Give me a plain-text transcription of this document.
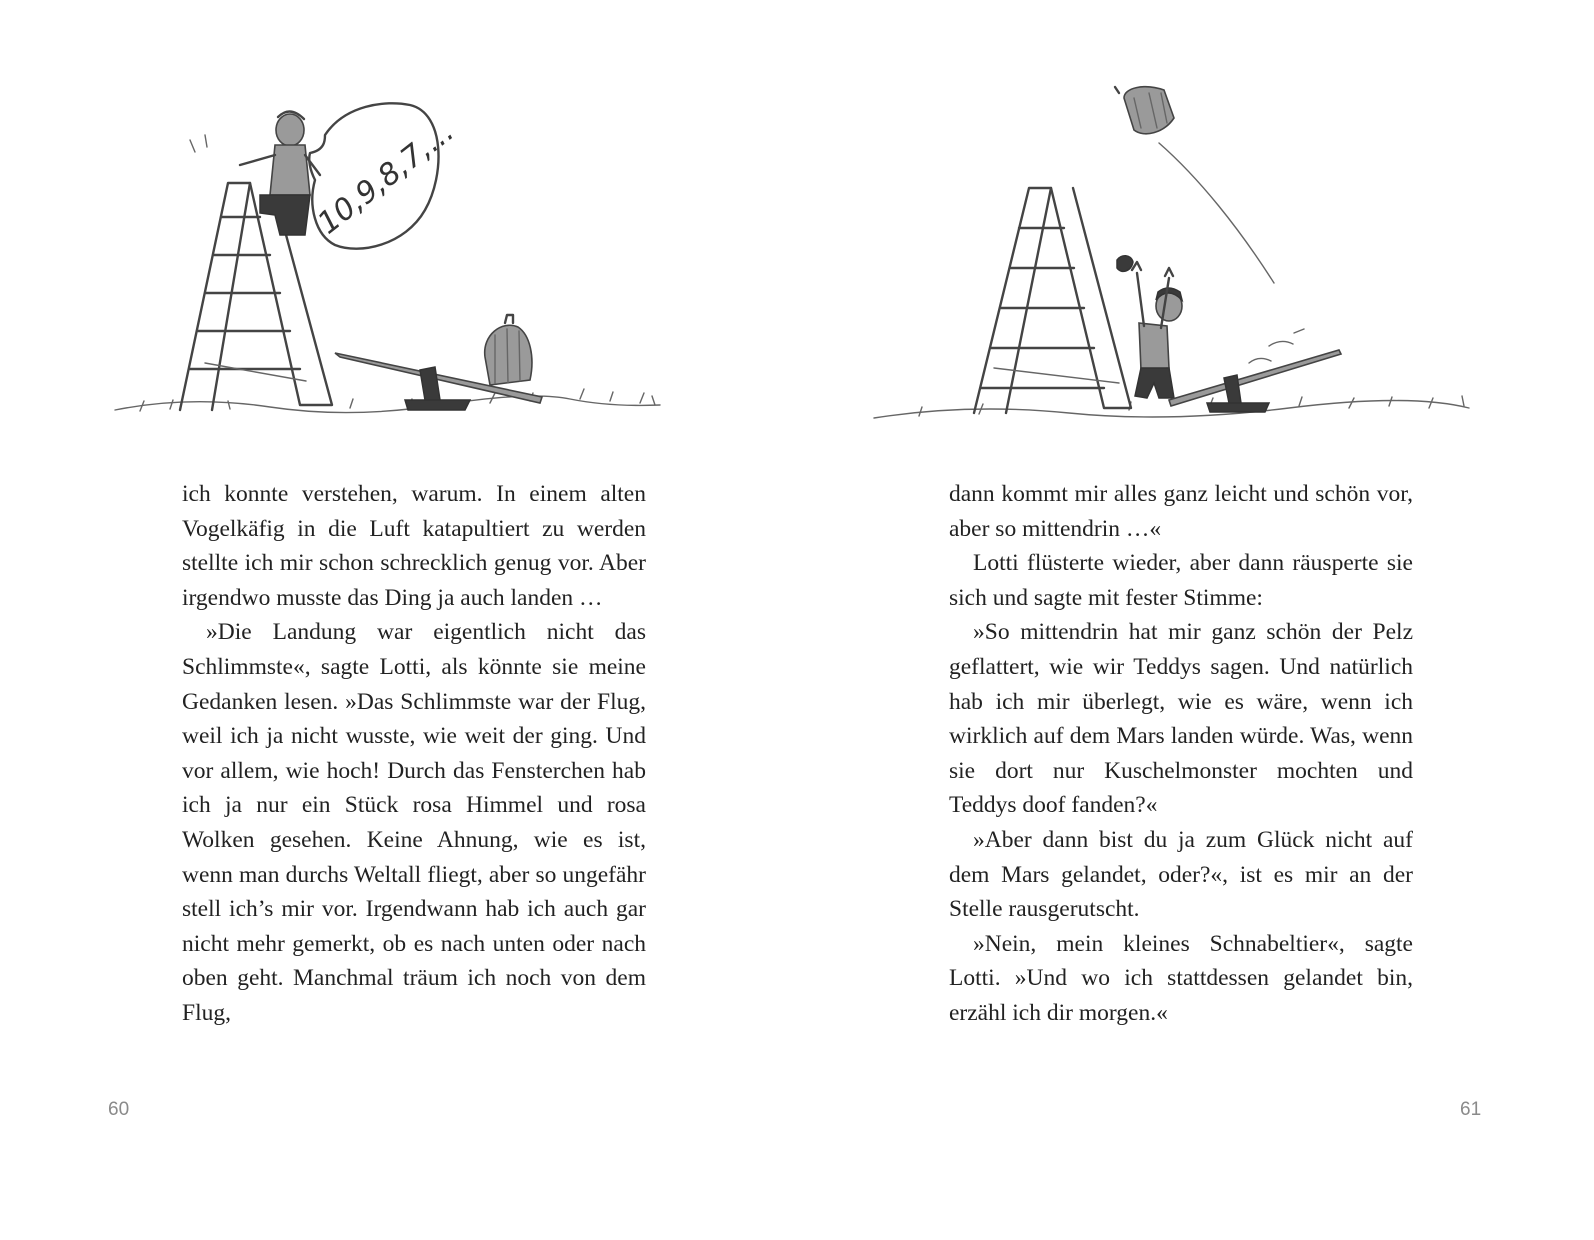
10,9,8,7,...

ich konnte verstehen, warum. In einem alten Vogelkäfig in die Luft katapultiert zu werden stellte ich mir schon schrecklich genug vor. Aber irgendwo musste das Ding ja auch landen …

»Die Landung war eigentlich nicht das Schlimmste«, sagte Lotti, als könnte sie meine Gedanken lesen. »Das Schlimmste war der Flug, weil ich ja nicht wusste, wie weit der ging. Und vor allem, wie hoch! Durch das Fensterchen hab ich ja nur ein Stück rosa Himmel und rosa Wolken gesehen. Keine Ahnung, wie es ist, wenn man durchs Weltall fliegt, aber so ungefähr stell ich’s mir vor. Irgendwann hab ich auch gar nicht mehr gemerkt, ob es nach unten oder nach oben geht. Manchmal träum ich noch von dem Flug,

60

dann kommt mir alles ganz leicht und schön vor, aber so mittendrin …«

Lotti flüsterte wieder, aber dann räusperte sie sich und sagte mit fester Stimme:

»So mittendrin hat mir ganz schön der Pelz geflattert, wie wir Teddys sagen. Und natürlich hab ich mir überlegt, wie es wäre, wenn ich wirklich auf dem Mars landen würde. Was, wenn sie dort nur Kuschelmonster mochten und Teddys doof fanden?«

»Aber dann bist du ja zum Glück nicht auf dem Mars gelandet, oder?«, ist es mir an der Stelle rausgerutscht.

»Nein, mein kleines Schnabeltier«, sagte Lotti. »Und wo ich stattdessen gelandet bin, erzähl ich dir morgen.«

61
